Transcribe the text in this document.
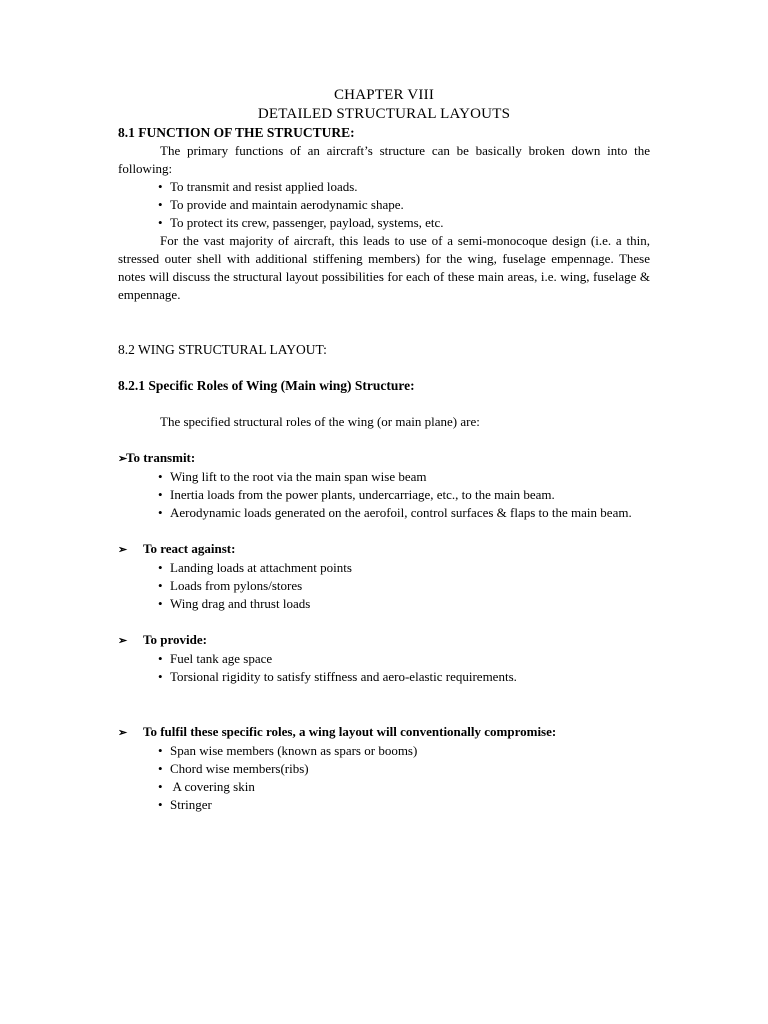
CHAPTER VIII
DETAILED STRUCTURAL LAYOUTS
8.1 FUNCTION OF THE STRUCTURE:
The primary functions of an aircraft’s structure can be basically broken down into the following:
• To transmit and resist applied loads.
• To provide and maintain aerodynamic shape.
• To protect its crew, passenger, payload, systems, etc.
For the vast majority of aircraft, this leads to use of a semi-monocoque design (i.e. a thin, stressed outer shell with additional stiffening members) for the wing, fuselage empennage. These notes will discuss the structural layout possibilities for each of these main areas, i.e. wing, fuselage & empennage.
8.2 WING STRUCTURAL LAYOUT:
8.2.1 Specific Roles of Wing (Main wing) Structure:
The specified structural roles of the wing (or main plane) are:
➢
To transmit:
• Wing lift to the root via the main span wise beam
• Inertia loads from the power plants, undercarriage, etc., to the main beam.
• Aerodynamic loads generated on the aerofoil, control surfaces & flaps to the main beam.
➢	To react against:
• Landing loads at attachment points
• Loads from pylons/stores
• Wing drag and thrust loads
➢	To provide:
• Fuel tank age space
• Torsional rigidity to satisfy stiffness and aero-elastic requirements.
➢	To fulfil these specific roles, a wing layout will conventionally compromise:
• Span wise members (known as spars or booms)
• Chord wise members(ribs)
• A covering skin
• Stringer
